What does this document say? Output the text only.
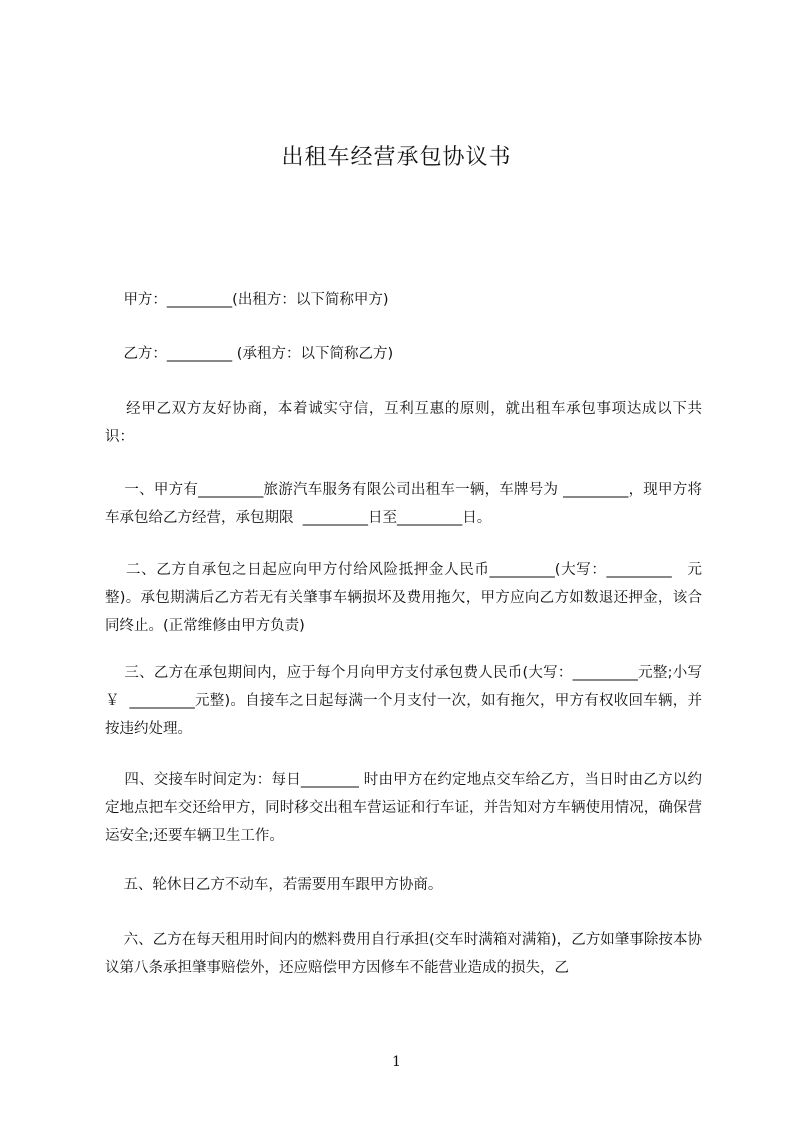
出租车经营承包协议书

甲方：_________(出租方：以下简称甲方)

乙方：_________ (承租方：以下简称乙方)

经甲乙双方友好协商，本着诚实守信，互利互惠的原则，就出租车承包事项达成以下共识：

一、甲方有_________旅游汽车服务有限公司出租车一辆，车牌号为 _________，现甲方将车承包给乙方经营，承包期限  _________日至_________日。

二、乙方自承包之日起应向甲方付给风险抵押金人民币_________(大写：_________   元整)。承包期满后乙方若无有关肇事车辆损坏及费用拖欠，甲方应向乙方如数退还押金，该合同终止。(正常维修由甲方负责)

三、乙方在承包期间内，应于每个月向甲方支付承包费人民币(大写：_________元整;小写￥  _________元整)。自接车之日起每满一个月支付一次，如有拖欠，甲方有权收回车辆，并按违约处理。

四、交接车时间定为：每日________ 时由甲方在约定地点交车给乙方，当日时由乙方以约定地点把车交还给甲方，同时移交出租车营运证和行车证，并告知对方车辆使用情况，确保营运安全;还要车辆卫生工作。

五、轮休日乙方不动车，若需要用车跟甲方协商。

六、乙方在每天租用时间内的燃料费用自行承担(交车时满箱对满箱)，乙方如肇事除按本协议第八条承担肇事赔偿外，还应赔偿甲方因修车不能营业造成的损失，乙

1
